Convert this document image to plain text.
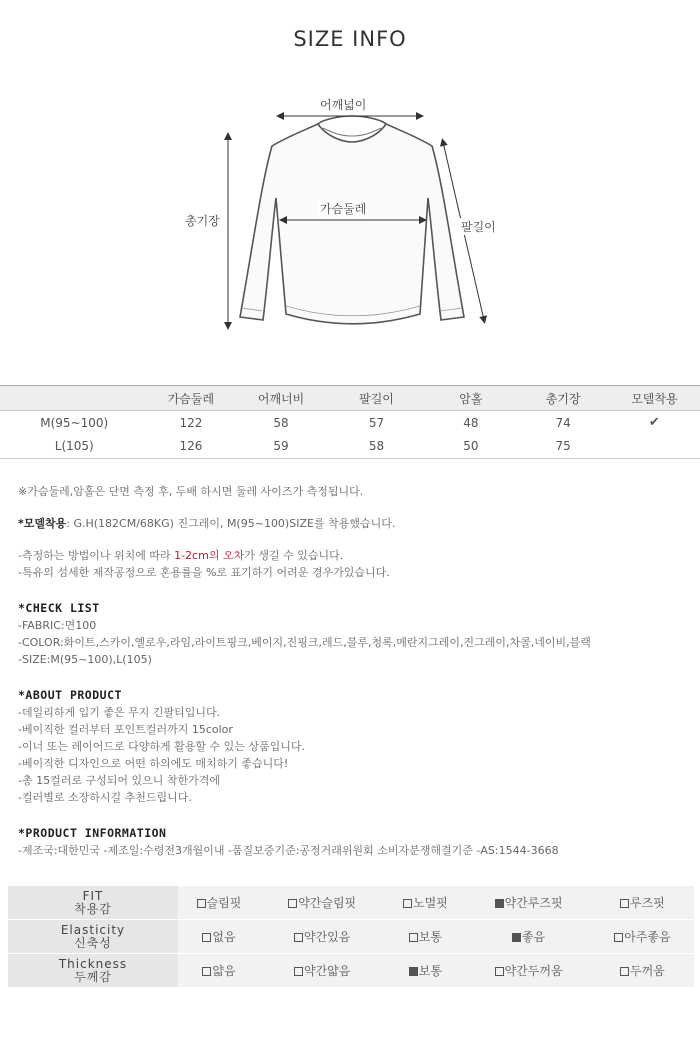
SIZE INFO
어깨넓이
가슴둘레
총기장	팔길이
	가슴둘레	어깨너비	팔길이	암홀	총기장	모델착용
M(95~100)	122	58	57	48	74	✔
L(105)	126	59	58	50	75	

※가슴둘레,암홀은 단면 측정 후, 두배 하시면 둘레 사이즈가 측정됩니다.

*모델착용: G.H(182CM/68KG) 진그레이, M(95~100)SIZE를 착용했습니다.

-측정하는 방법이나 위치에 따라 1-2cm의 오차가 생길 수 있습니다.

-특유의 섬세한 제작공정으로 혼용률을 %로 표기하기 어려운 경우가있습니다.

*CHECK LIST

-FABRIC:면100

-COLOR:화이트,스카이,옐로우,라임,라이트핑크,베이지,진핑크,레드,블루,청록,메란지그레이,진그레이,차콜,네이비,블랙

-SIZE:M(95~100),L(105)

*ABOUT PRODUCT

-데일리하게 입기 좋은 무지 긴팔티입니다.

-베이직한 컬러부터 포인트컬러까지 15color

-이너 또는 레이어드로 다양하게 활용할 수 있는 상품입니다.

-베이직한 디자인으로 어떤 하의에도 매치하기 좋습니다!

-총 15컬러로 구성되어 있으니 착한가격에

-컬러별로 소장하시길 추천드립니다.

*PRODUCT INFORMATION

-제조국:대한민국 -제조일:수령전3개월이내 -품질보증기준:공정거래위원회 소비자분쟁해결기준 -AS:1544-3668

FIT
착용감	슬림핏	약간슬림핏	노멀핏	약간루즈핏	루즈핏
Elasticity
신축성	없음	약간있음	보통	좋음	아주좋음
Thickness
두께감	얇음	약간얇음	보통	약간두꺼움	두꺼움
